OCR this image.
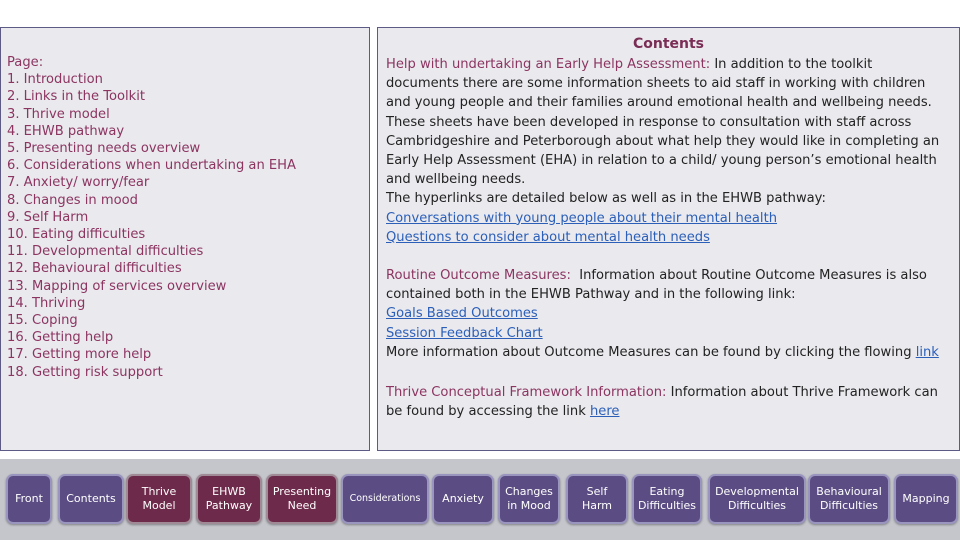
Page:
1. Introduction
2. Links in the Toolkit
3. Thrive model
4. EHWB pathway
5. Presenting needs overview
6. Considerations when undertaking an EHA
7. Anxiety/ worry/fear
8. Changes in mood
9. Self Harm
10. Eating difficulties
11. Developmental difficulties
12. Behavioural difficulties
13. Mapping of services overview
14. Thriving
15. Coping
16. Getting help
17. Getting more help
18. Getting risk support
Contents
Help with undertaking an Early Help Assessment: In addition to the toolkit
documents there are some information sheets to aid staff in working with children
and young people and their families around emotional health and wellbeing needs.
These sheets have been developed in response to consultation with staff across
Cambridgeshire and Peterborough about what help they would like in completing an
Early Help Assessment (EHA) in relation to a child/ young person’s emotional health
and wellbeing needs.
The hyperlinks are detailed below as well as in the EHWB pathway:
Conversations with young people about their mental health
Questions to consider about mental health needs
Routine Outcome Measures: Information about Routine Outcome Measures is also
contained both in the EHWB Pathway and in the following link:
Goals Based Outcomes
Session Feedback Chart
More information about Outcome Measures can be found by clicking the flowing link
Thrive Conceptual Framework Information: Information about Thrive Framework can
be found by accessing the link here
Front	Contents
Thrive
Model
EHWB
Pathway
Presenting
Need
Considerations	Anxiety
Changes
in Mood
Self
Harm
Eating
Difficulties
Developmental
Difficulties
Behavioural
Difficulties
Mapping
